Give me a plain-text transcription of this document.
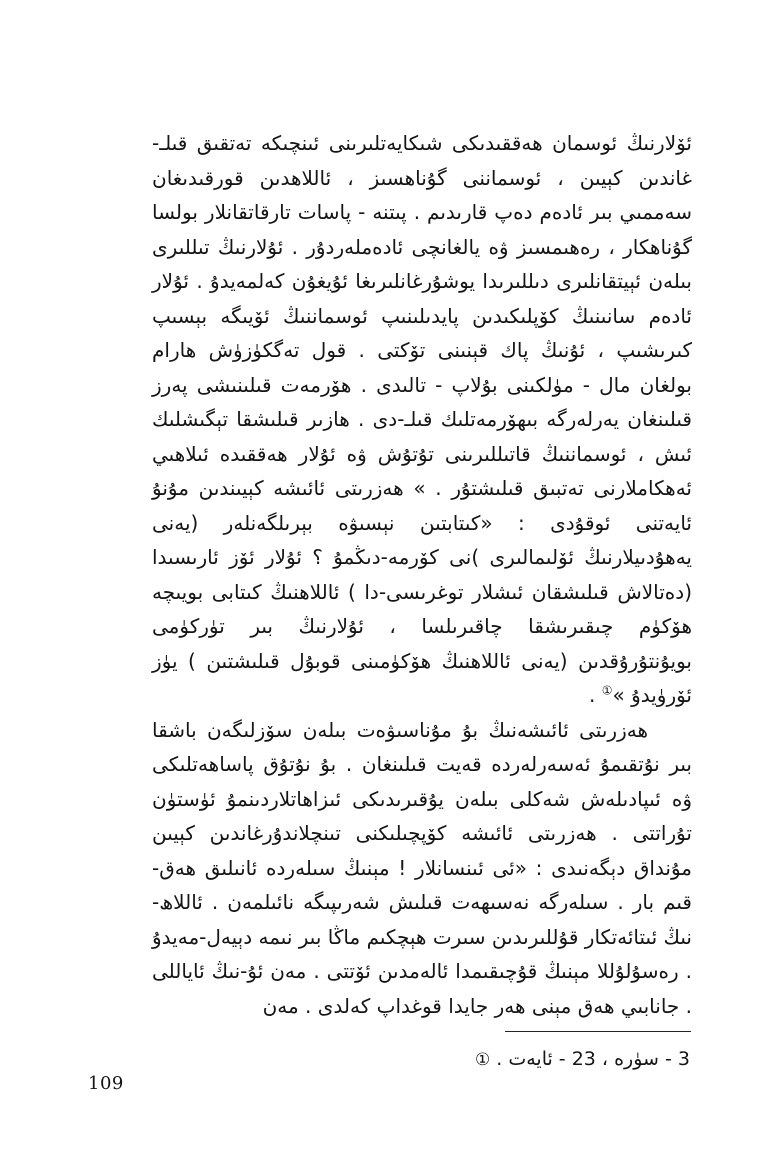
ئۆلارنىڭ ئوسمان ھەققىدىكى شىكايەتلىرىنى ئىنچىكە تەتقىق قىلـ-غاندىن كېيىن ، ئوسماننى گۇناھسىز ، ئاللاھدىن قورقىدىغان سەممىي بىر ئادەم دەپ قارىدىم . پىتنە - پاسات تارقاتقانلار بولسا گۇناھكار ، رەھىمسىز ۋە يالغانچى ئادەملەردۇر . ئۇلارنىڭ تىللىرى بىلەن ئېيتقانلىرى دىللىرىدا يوشۇرغانلىرىغا ئۇيغۇن كەلمەيدۇ . ئۇلار ئادەم سانىنىڭ كۆپلىكىدىن پايدىلىنىپ ئوسماننىڭ ئۆيىگە بېسىپ كىرىشىپ ، ئۇنىڭ پاك قېنىنى تۆكتى . قول تەگكۈزۈش ھارام بولغان مال - مۈلكىنى بۇلاپ - تالىدى . ھۆرمەت قىلىنىشى پەرز قىلىنغان يەرلەرگە بىھۆرمەتلىك قىلـ-دى . ھازىر قىلىشقا تېگىشلىك ئىش ، ئوسماننىڭ قاتىللىرىنى تۇتۇش ۋە ئۇلار ھەققىدە ئىلاھىي ئەھكاملارنى تەتبىق قىلىشتۇر . » ھەزرىتى ئائىشە كېيىندىن مۇنۇ ئايەتنى ئوقۇدى : «كىتابتىن نېسىۋە بېرىلگەنلەر (يەنى يەھۇدىيلارنىڭ ئۆلىمالىرى )نى كۆرمە-دىڭمۇ ؟ ئۇلار ئۆز ئارىسىدا (دەتالاش قىلىشقان ئىشلار توغرىسى-دا ) ئاللاھنىڭ كىتابى بويىچە ھۆكۈم چىقىرىشقا چاقىرىلسا ، ئۇلارنىڭ بىر تۈركۈمى بويۇنتۇرۇقدىن (يەنى ئاللاھنىڭ ھۆكۈمىنى قوبۇل قىلىشتىن ) يۈز ئۆرۈيدۇ »① .

ھەزرىتى ئائىشەنىڭ بۇ مۇناسىۋەت بىلەن سۆزلىگەن باشقا بىر نۇتقىمۇ ئەسەرلەردە قەيت قىلىنغان . بۇ نۇتۇق پاساھەتلىكى ۋە ئىپادىلەش شەكلى بىلەن يۇقىرىدىكى ئىزاھاتلاردىنمۇ ئۈستۈن تۇراتتى . ھەزرىتى ئائىشە كۆپچىلىكنى تىنچلاندۇرغاندىن كېيىن مۇنداق دېگەنىدى : «ئى ئىنسانلار ! مېنىڭ سىلەردە ئانىلىق ھەق-قىم بار . سىلەرگە نەسىھەت قىلىش شەرىپىگە نائىلمەن . ئاللاھ-نىڭ ئىتائەتكار قۇللىرىدىن سىرت ھېچكىم ماڭا بىر نىمە دېيەل-مەيدۇ . رەسۇلۇللا مېنىڭ قۇچىقىمدا ئالەمدىن ئۆتتى . مەن ئۇ-نىڭ ئاياللى . جانابىي ھەق مېنى ھەر جايدا قوغداپ كەلدى . مەن

3 - سۈرە ، 23 - ئايەت . ①
109
